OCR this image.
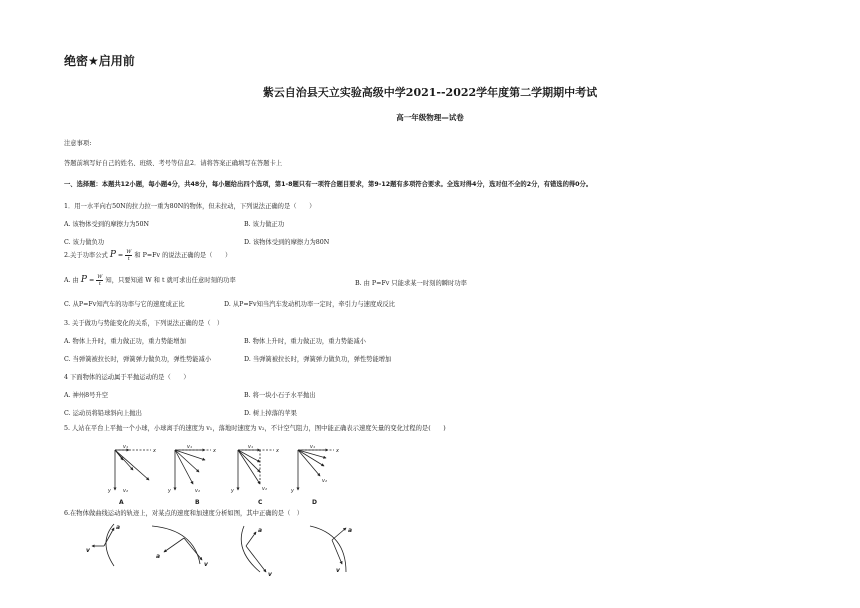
绝密★启用前
紫云自治县天立实验高级中学2021--2022学年度第二学期期中考试
高一年级物理—试卷
注意事项:
答题前填写好自己的姓名、班级、考号等信息2．请将答案正确填写在答题卡上
一、选择题：本题共12小题，每小题4分，共48分，每小题给出四个选项，第1-8题只有一项符合题目要求，第9-12题有多项符合要求。全选对得4分，选对但不全的2分，有错选的得0分。
1．用一水平向右50N的拉力拉一重为80N的物体，但未拉动，下列说法正确的是（　　）
A. 该物体受到的摩擦力为50N	B. 该力做正功
C. 该力做负功	D. 该物体受到的摩擦力为80N
2.关于功率公式 $P = \frac{W}{t}$ 和 P=Fv 的说法正确的是（　　）
A. 由 $P = \frac{W}{t}$ 知，只要知道 W 和 t 就可求出任意时刻的功率	B. 由 P=Fv 只能求某一时刻的瞬时功率
C. 从P=Fv知汽车的功率与它的速度成正比	D. 从P=Fv知当汽车发动机功率一定时，牵引力与速度成反比
3. 关于做功与势能变化的关系，下列说法正确的是（　）
A. 物体上升时，重力做正功，重力势能增加	B. 物体上升时，重力做正功，重力势能减小
C. 当弹簧被拉长时，弹簧弹力做负功，弹性势能减小	D. 当弹簧被拉长时，弹簧弹力做负功，弹性势能增加
4 下面物体的运动属于平抛运动的是（　　）
A. 神州8号升空	B. 将一块小石子水平抛出
C. 运动员将铅球斜向上抛出	D. 树上掉落的苹果
5. 人站在平台上平抛一个小球，小球离手的速度为 v₁，落地时速度为 v₂，不计空气阻力，图中能正确表示速度矢量的变化过程的是(　　)
v₁
y
x
v₂
A
v₁
y
x
v₂
B
v₁
y
x
v₂
C
v₁
y
x
v₂
D
6.在物体做曲线运动的轨迹上，对某点的速度和加速度分析如图，其中正确的是（　）
a
v
a
v
a
v
a
v
